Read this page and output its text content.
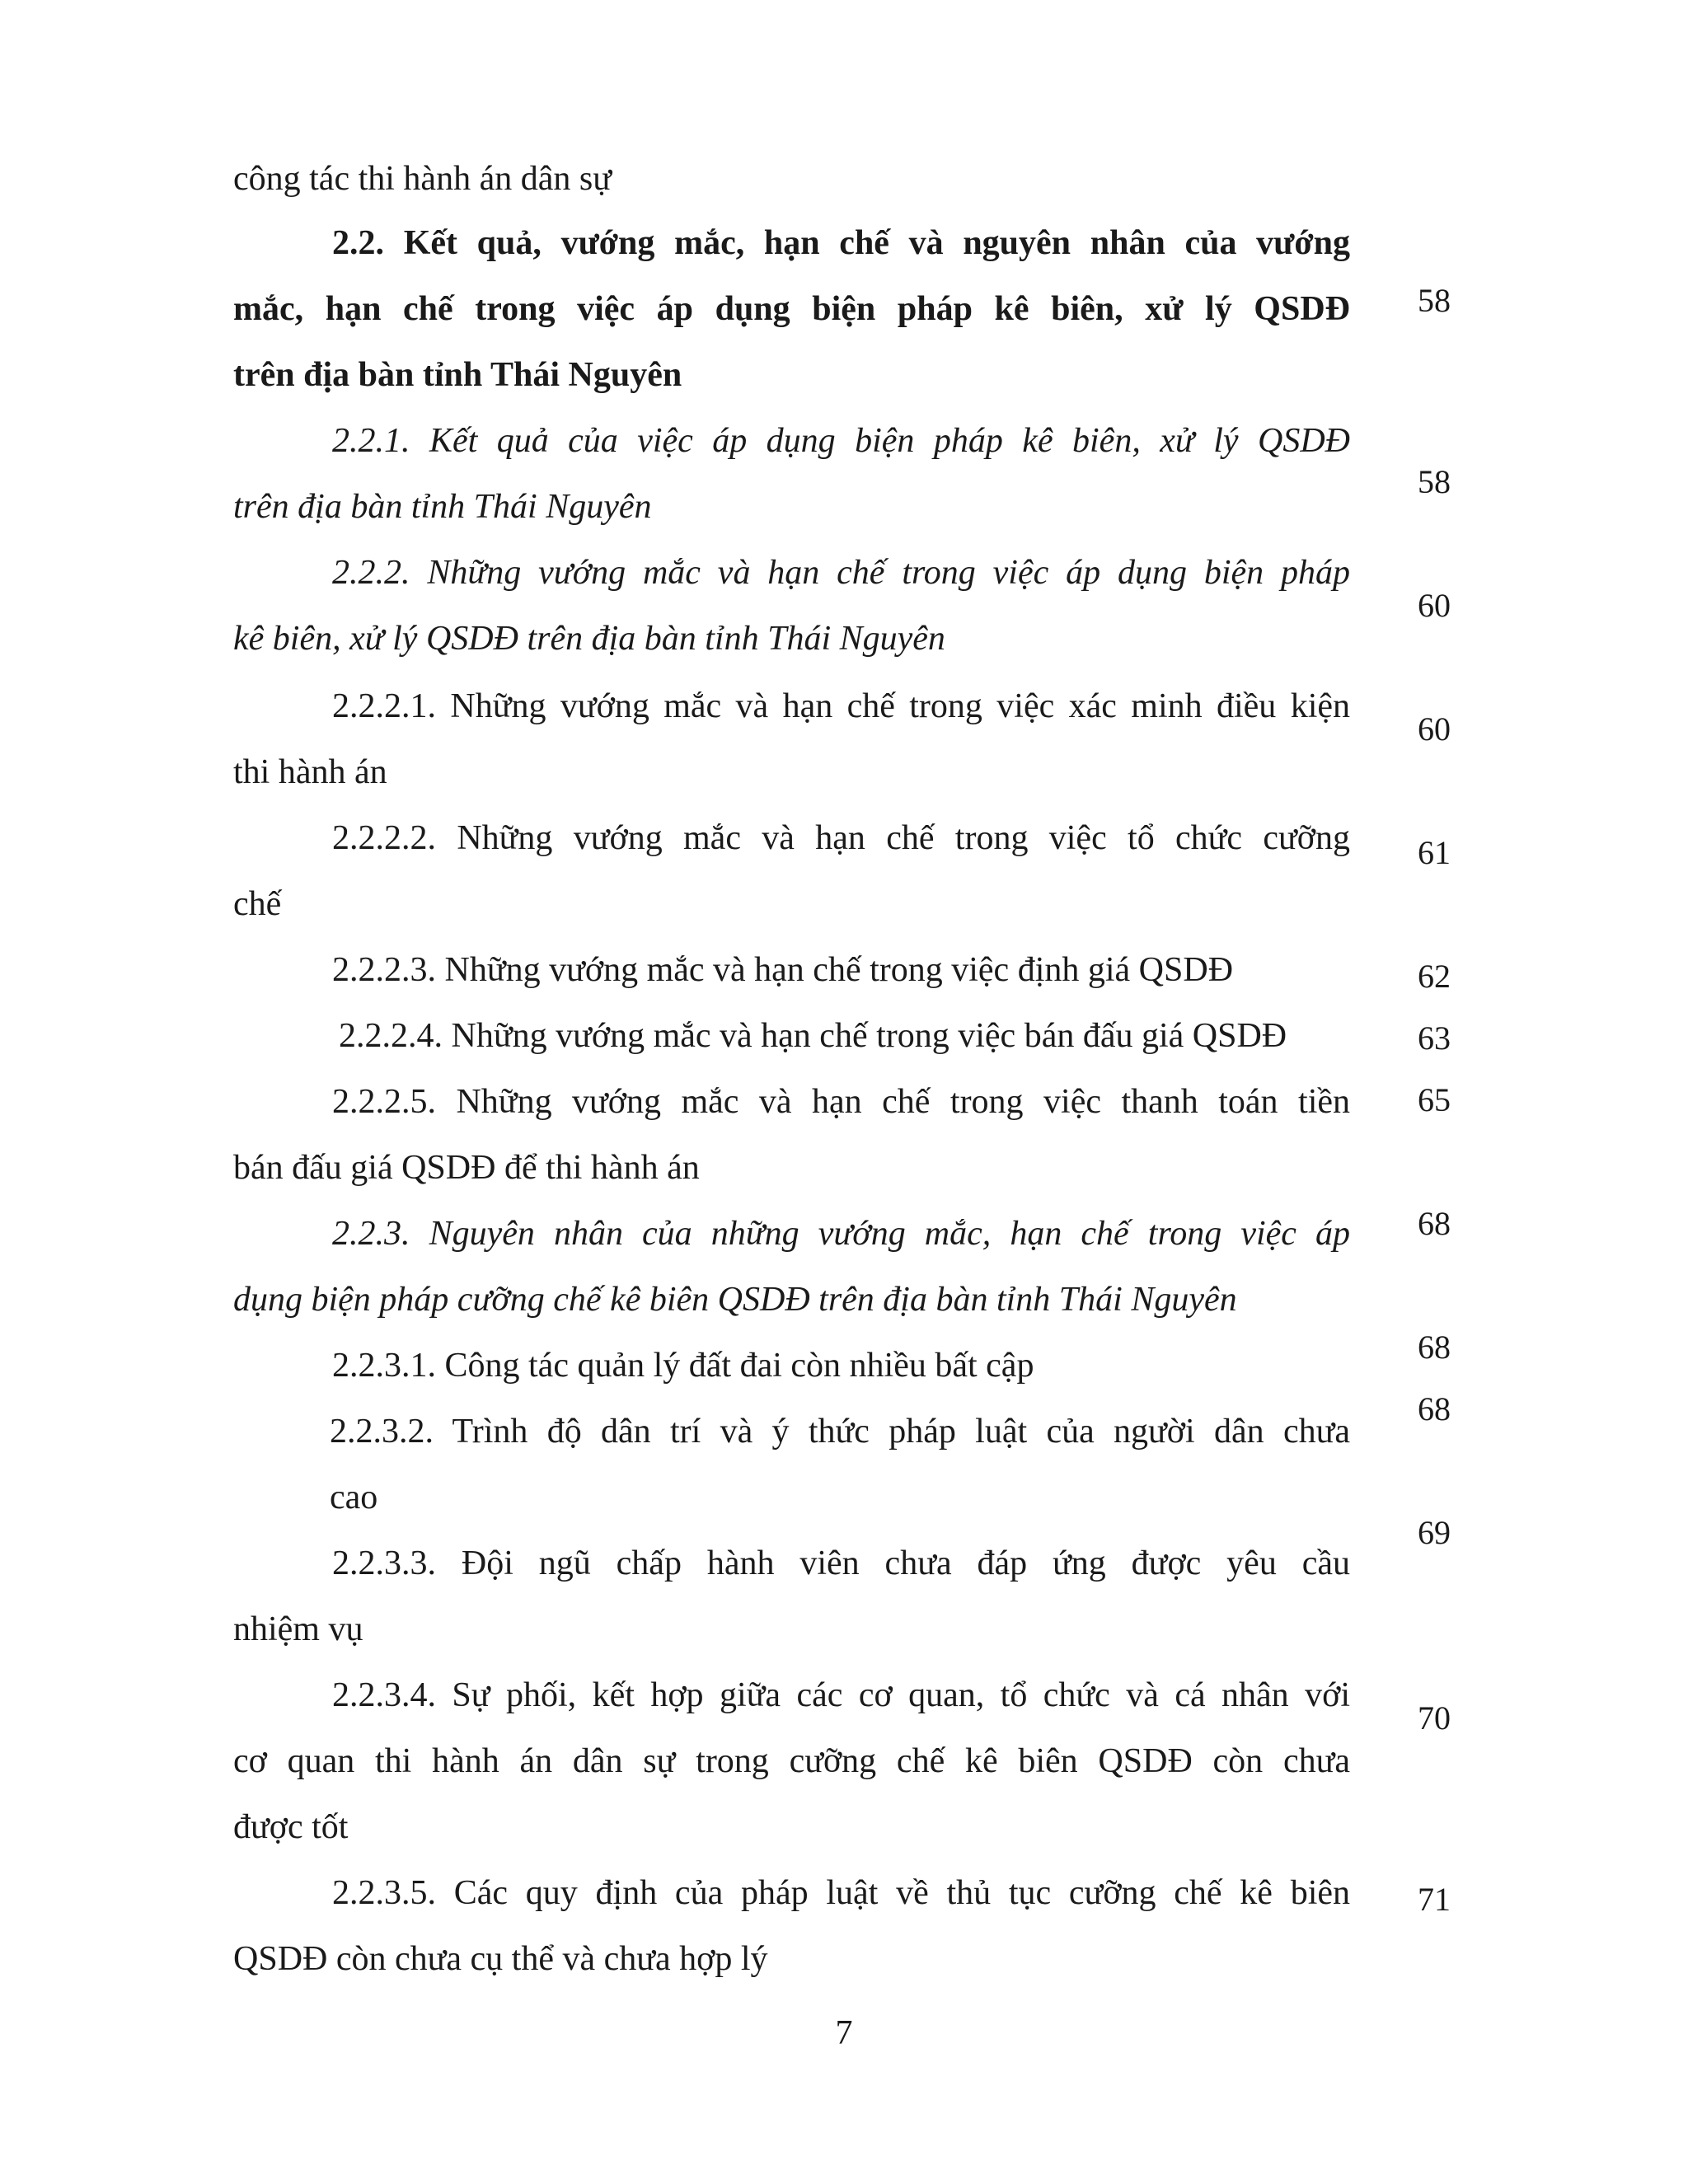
công tác thi hành án dân sự
2.2. Kết quả, vướng mắc, hạn chế và nguyên nhân của vướng
mắc, hạn chế trong việc áp dụng biện pháp kê biên, xử lý QSDĐ
trên địa bàn tỉnh Thái Nguyên
2.2.1. Kết quả của việc áp dụng biện pháp kê biên, xử lý QSDĐ
trên địa bàn tỉnh Thái Nguyên
2.2.2. Những vướng mắc và hạn chế trong việc áp dụng biện pháp
kê biên, xử lý QSDĐ trên địa bàn tỉnh Thái Nguyên
2.2.2.1. Những vướng mắc và hạn chế trong việc xác minh điều kiện
thi hành án
2.2.2.2. Những vướng mắc và hạn chế trong việc tổ chức cưỡng
chế
2.2.2.3. Những vướng mắc và hạn chế trong việc định giá QSDĐ
2.2.2.4. Những vướng mắc và hạn chế trong việc bán đấu giá QSDĐ
2.2.2.5. Những vướng mắc và hạn chế trong việc thanh toán tiền
bán đấu giá QSDĐ để thi hành án
2.2.3. Nguyên nhân của những vướng mắc, hạn chế trong việc áp
dụng biện pháp cưỡng chế kê biên QSDĐ trên địa bàn tỉnh Thái Nguyên
2.2.3.1. Công tác quản lý đất đai còn nhiều bất cập
2.2.3.2. Trình độ dân trí và ý thức pháp luật của người dân chưa
cao
2.2.3.3. Đội ngũ chấp hành viên chưa đáp ứng được yêu cầu
nhiệm vụ
2.2.3.4. Sự phối, kết hợp giữa các cơ quan, tổ chức và cá nhân với
cơ quan thi hành án dân sự trong cưỡng chế kê biên QSDĐ còn chưa
được tốt
2.2.3.5. Các quy định của pháp luật về thủ tục cưỡng chế kê biên
QSDĐ còn chưa cụ thể và chưa hợp lý
58
58
60
60
61
62
63
65
68
68
68
69
70
71
7
